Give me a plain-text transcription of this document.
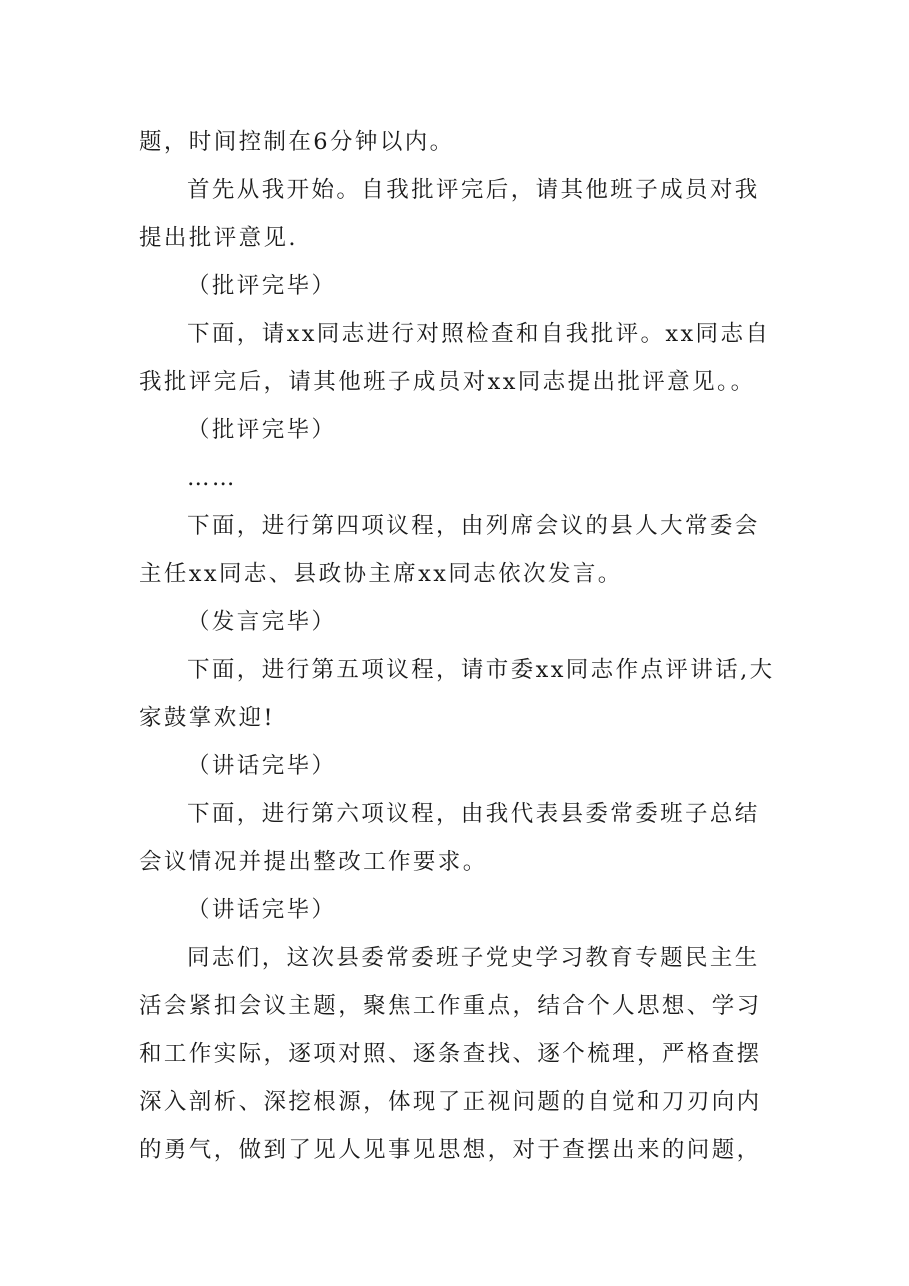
题，时间控制在6分钟以内。
首先从我开始。自我批评完后，请其他班子成员对我
提出批评意见.
（批评完毕）
下面，请xx同志进行对照检查和自我批评。xx同志自
我批评完后，请其他班子成员对xx同志提出批评意见。。
（批评完毕）
……
下面，进行第四项议程，由列席会议的县人大常委会
主任xx同志、县政协主席xx同志依次发言。
（发言完毕）
下面，进行第五项议程，请市委xx同志作点评讲话,大
家鼓掌欢迎!
（讲话完毕）
下面，进行第六项议程，由我代表县委常委班子总结
会议情况并提出整改工作要求。
（讲话完毕）
同志们，这次县委常委班子党史学习教育专题民主生
活会紧扣会议主题，聚焦工作重点，结合个人思想、学习
和工作实际，逐项对照、逐条查找、逐个梳理，严格查摆
深入剖析、深挖根源，体现了正视问题的自觉和刀刃向内
的勇气，做到了见人见事见思想，对于查摆出来的问题，
